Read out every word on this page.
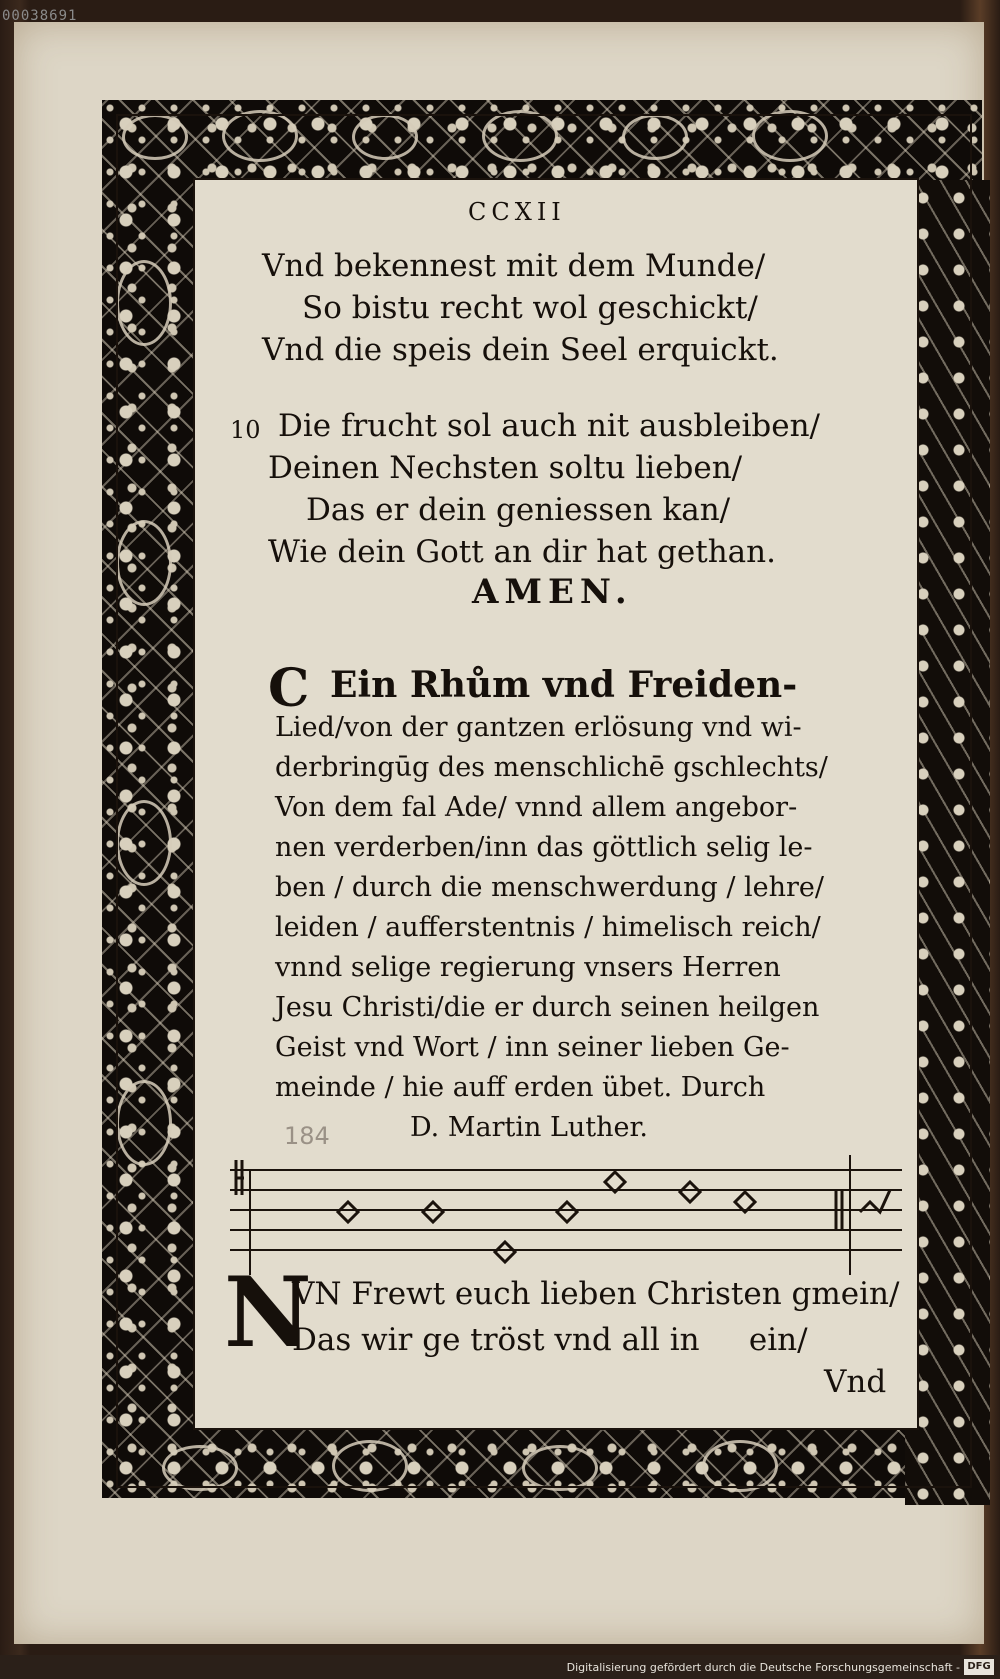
00038691
CCXII
Vnd bekennest mit dem Munde/
So bistu recht wol geschickt/
Vnd die speis dein Seel erquickt.
10 Die frucht sol auch nit ausbleiben/
Deinen Nechsten soltu lieben/
Das er dein geniessen kan/
Wie dein Gott an dir hat gethan.
AMEN.
C Ein Rhům vnd Freiden-
Lied/von der gantzen erlösung vnd wi-
derbringūg des menschlichē gschlechts/
Von dem fal Ade/ vnnd allem angebor-
nen verderben/inn das göttlich selig le-
ben / durch die menschwerdung / lehre/
leiden / aufferstentnis / himelisch reich/
vnnd selige regierung vnsers Herren
Jesu Christi/die er durch seinen heilgen
Geist vnd Wort / inn seiner lieben Ge-
meinde / hie auff erden übet. Durch
D. Martin Luther.
184
N
VN Frewt euch lieben Christen gmein/
Das wir ge tröst vnd all in     ein/
Vnd
Digitalisierung gefördert durch die Deutsche Forschungsgemeinschaft - DFG
